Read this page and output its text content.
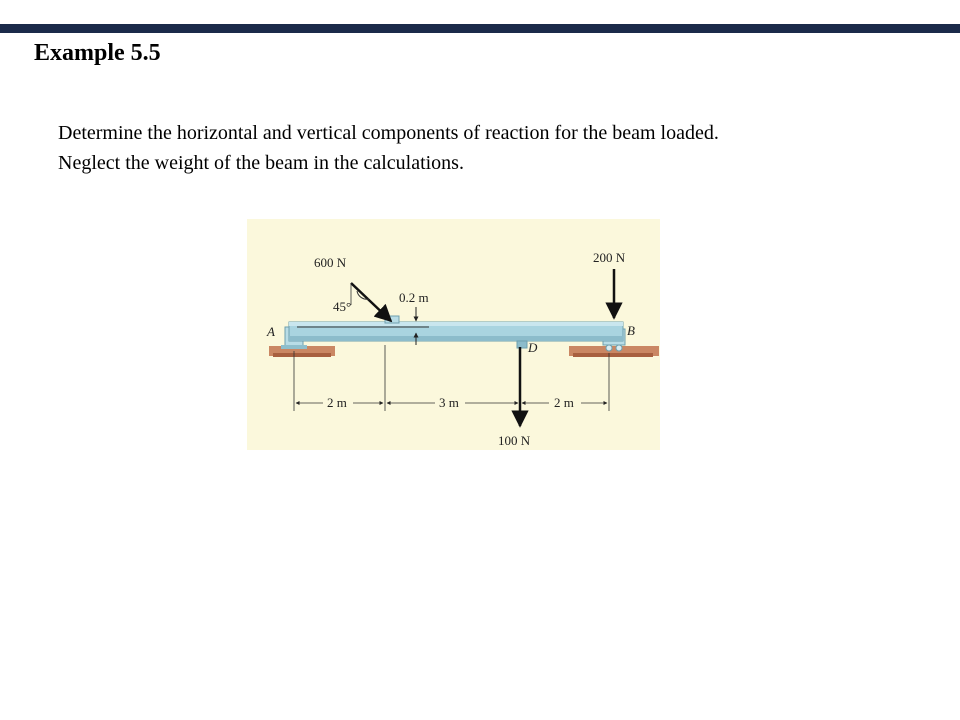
Example 5.5

Determine the horizontal and vertical components of reaction for the beam loaded.

Neglect the weight of the beam in the calculations.

600 N
45°
0.2 m
200 N
100 N
A	B
D
2 m	3 m	2 m
